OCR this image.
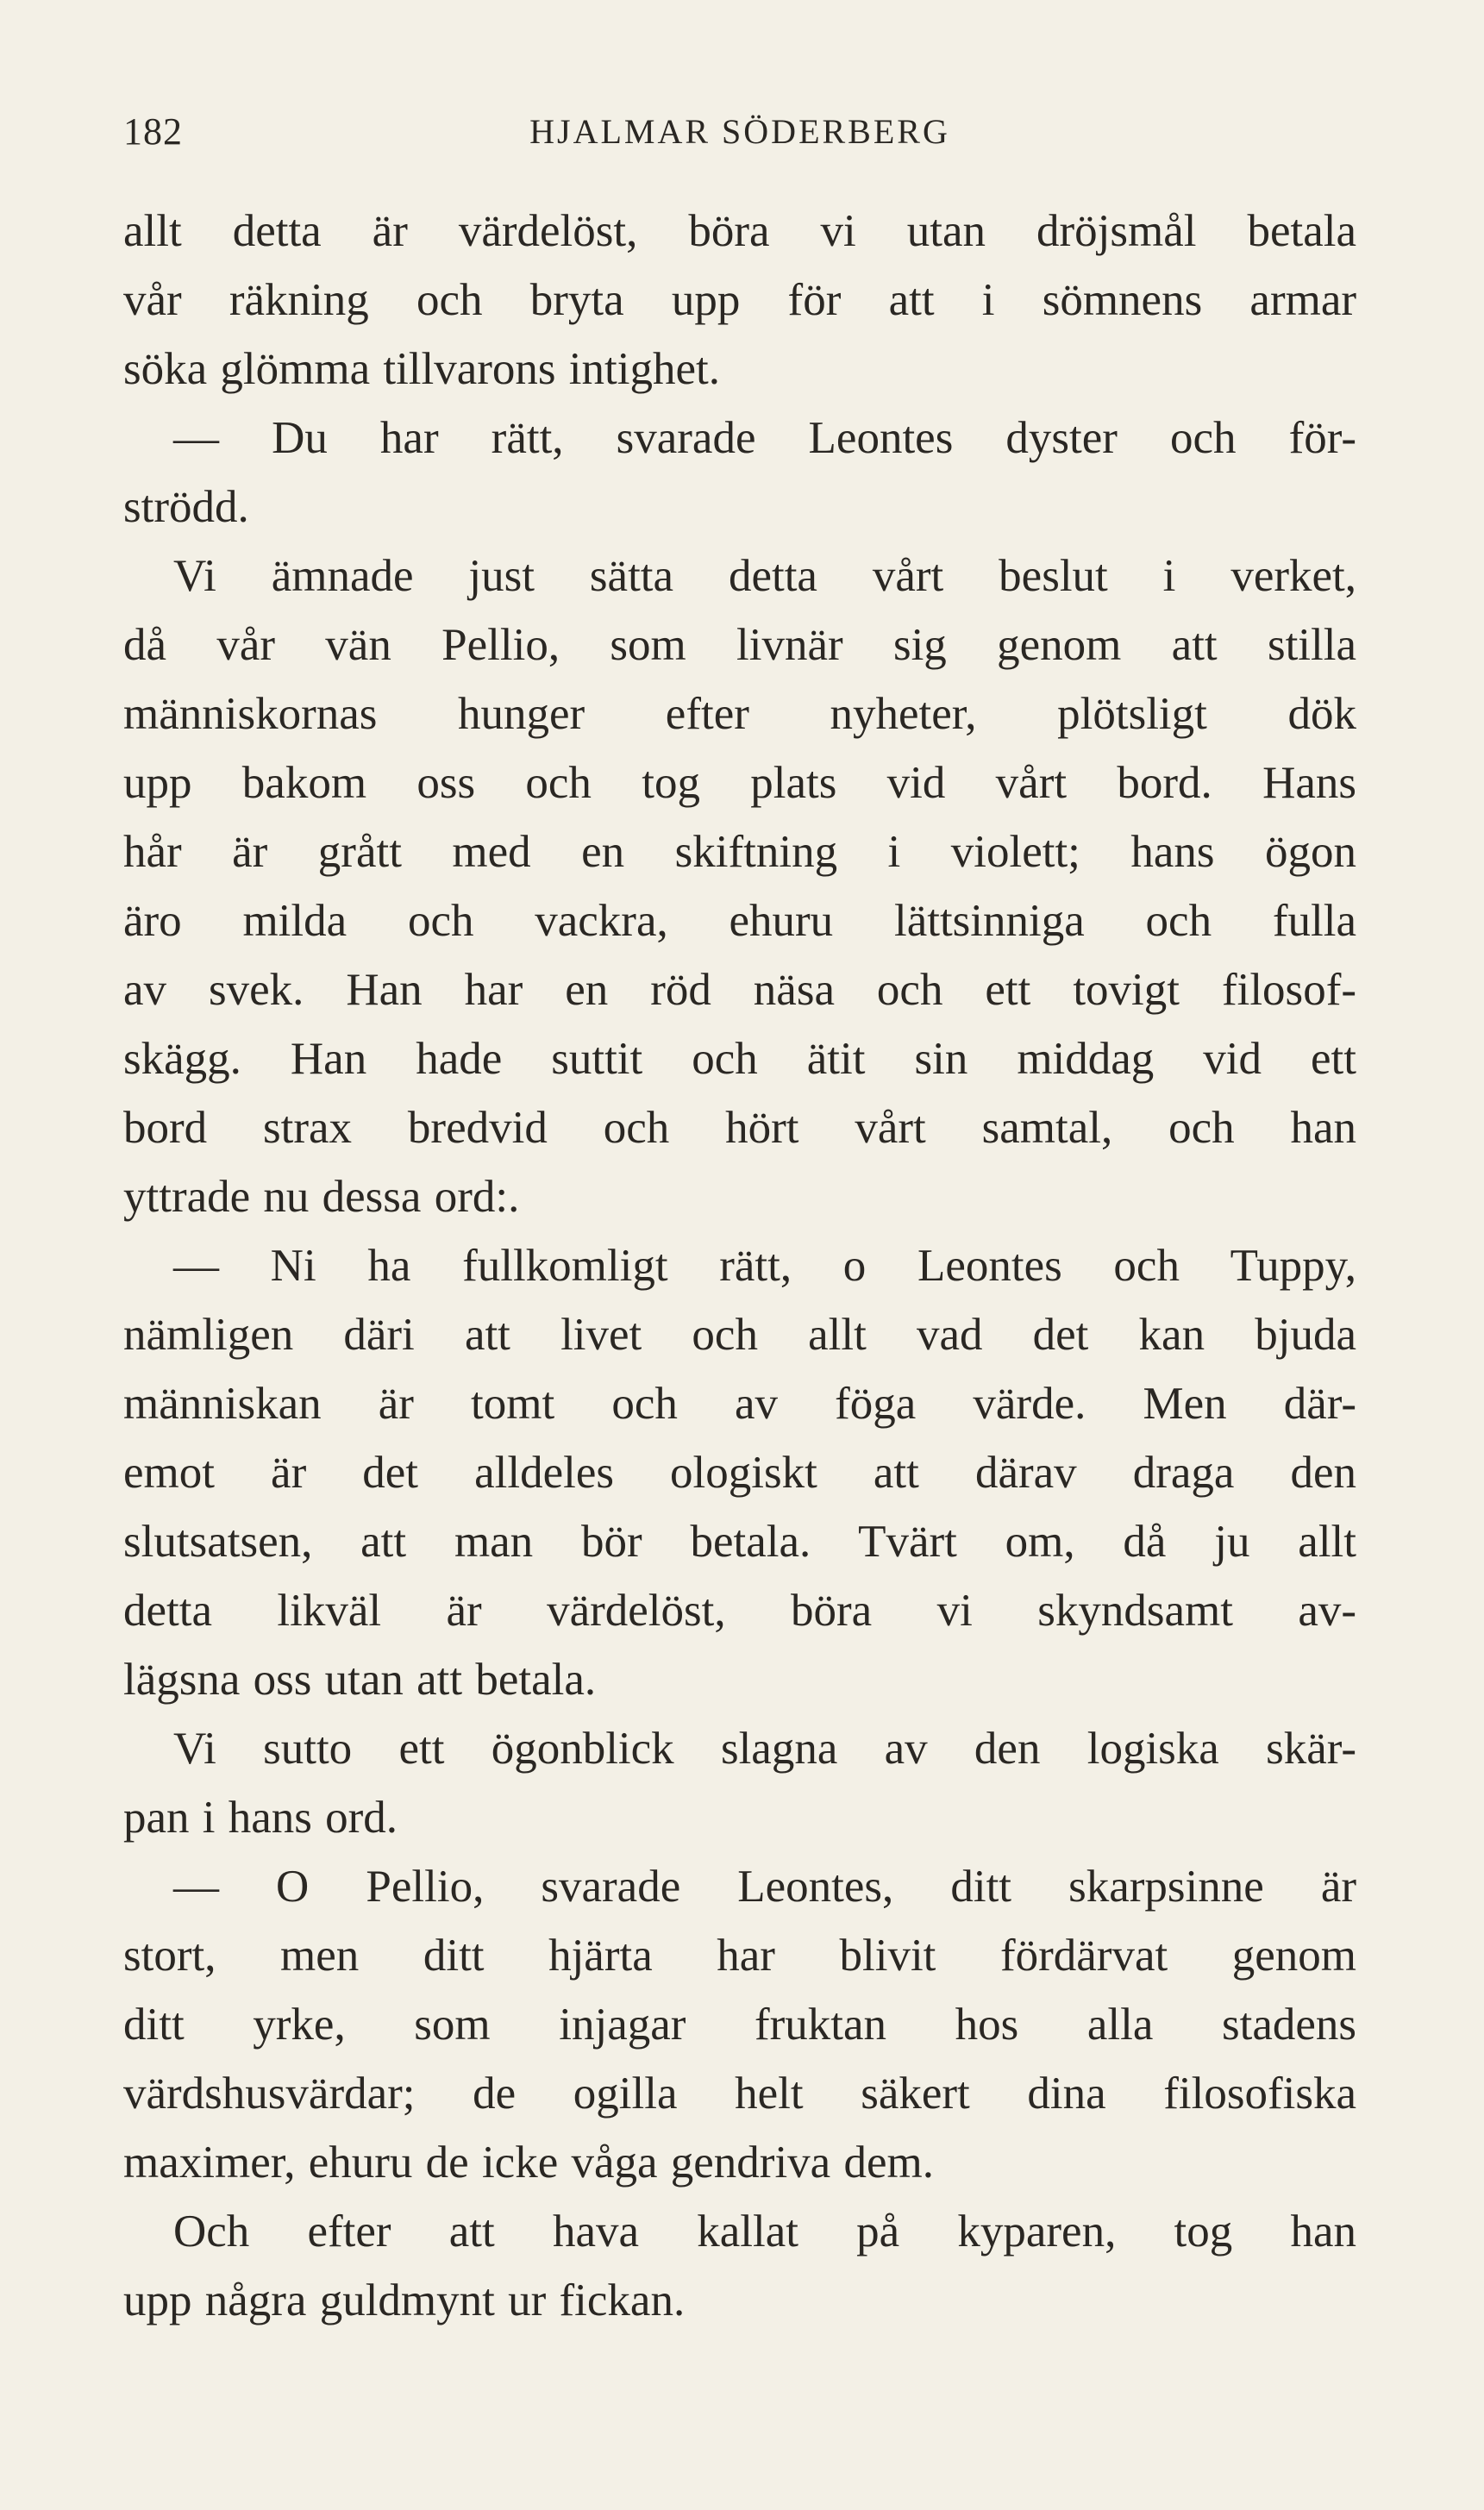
182	HJALMAR SÖDERBERG
allt detta är värdelöst, böra vi utan dröjsmål betala
vår räkning och bryta upp för att i sömnens armar
söka glömma tillvarons intighet.
— Du har rätt, svarade Leontes dyster och för-
strödd.
Vi ämnade just sätta detta vårt beslut i verket,
då vår vän Pellio, som livnär sig genom att stilla
människornas hunger efter nyheter, plötsligt dök
upp bakom oss och tog plats vid vårt bord. Hans
hår är grått med en skiftning i violett; hans ögon
äro milda och vackra, ehuru lättsinniga och fulla
av svek. Han har en röd näsa och ett tovigt filosof-
skägg. Han hade suttit och ätit sin middag vid ett
bord strax bredvid och hört vårt samtal, och han
yttrade nu dessa ord:.
— Ni ha fullkomligt rätt, o Leontes och Tuppy,
nämligen däri att livet och allt vad det kan bjuda
människan är tomt och av föga värde. Men där-
emot är det alldeles ologiskt att därav draga den
slutsatsen, att man bör betala. Tvärt om, då ju allt
detta likväl är värdelöst, böra vi skyndsamt av-
lägsna oss utan att betala.
Vi sutto ett ögonblick slagna av den logiska skär-
pan i hans ord.
— O Pellio, svarade Leontes, ditt skarpsinne är
stort, men ditt hjärta har blivit fördärvat genom
ditt yrke, som injagar fruktan hos alla stadens
värdshusvärdar; de ogilla helt säkert dina filosofiska
maximer, ehuru de icke våga gendriva dem.
Och efter att hava kallat på kyparen, tog han
upp några guldmynt ur fickan.
